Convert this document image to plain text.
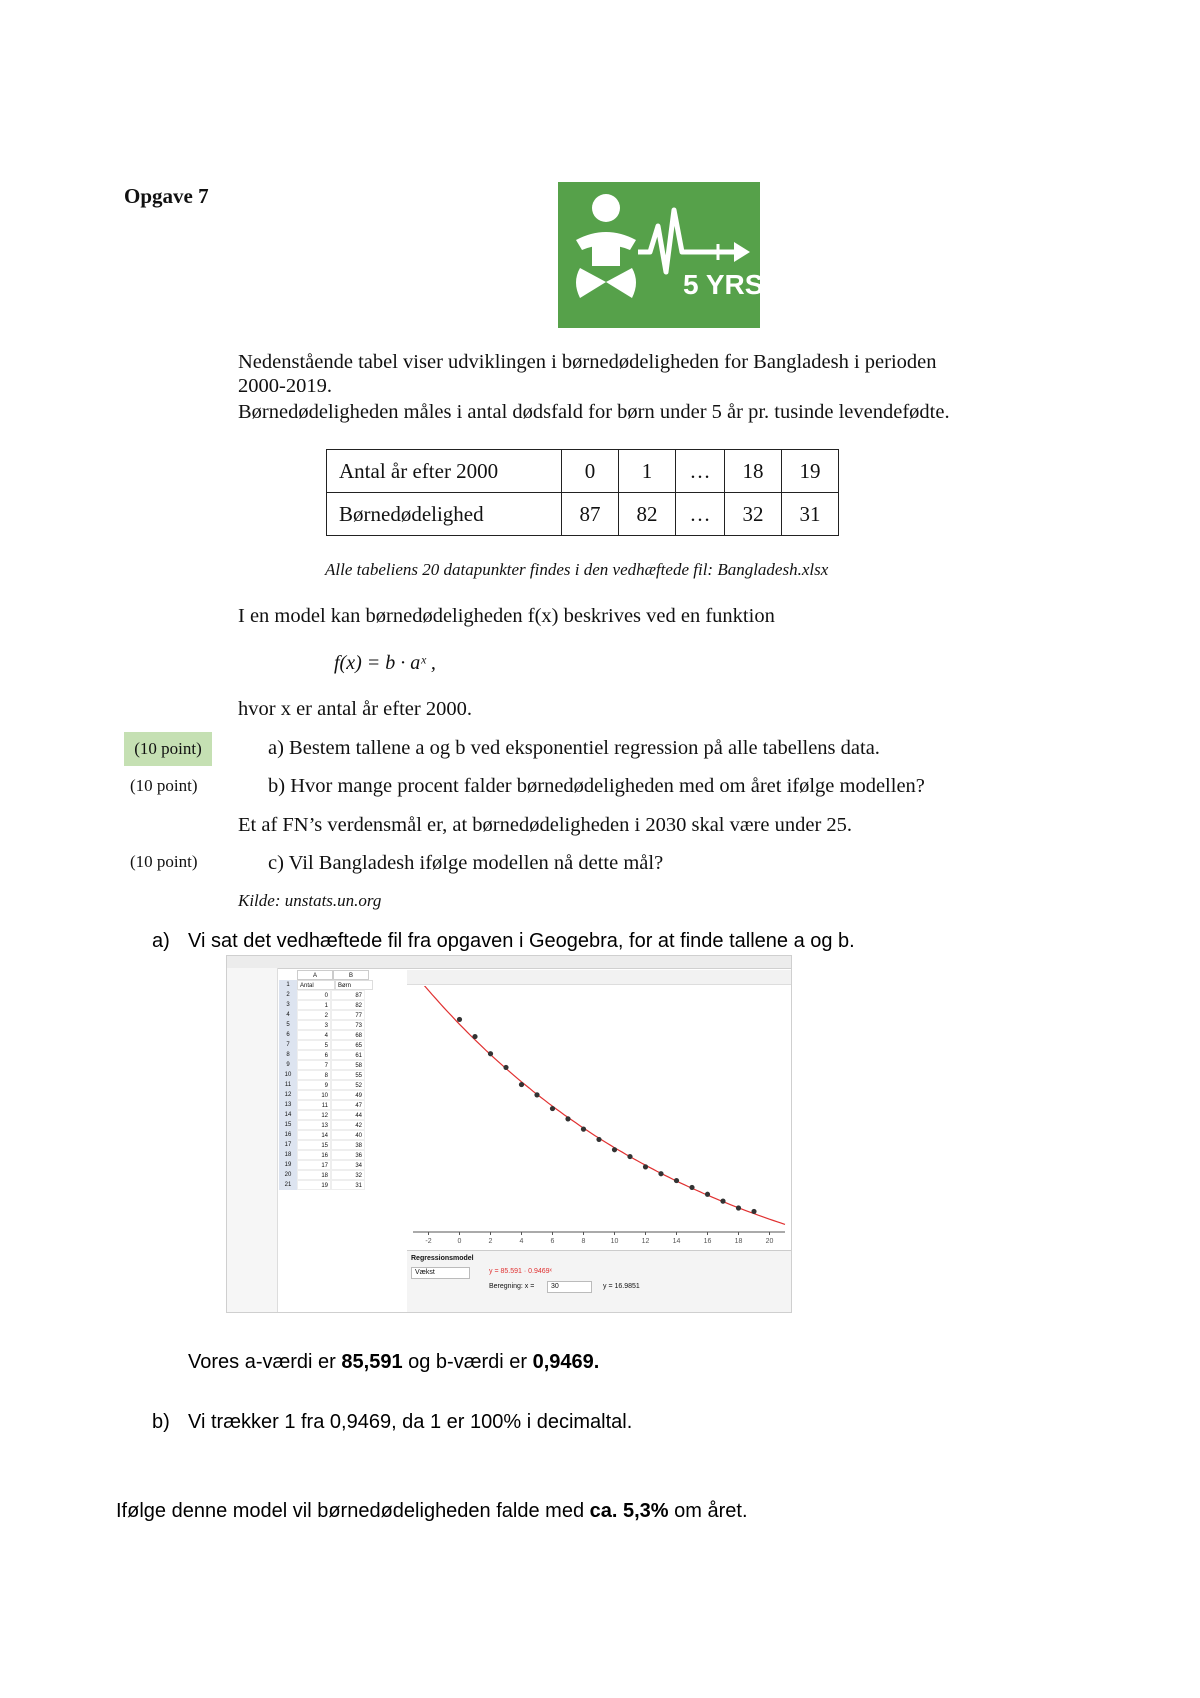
Opgave 7
5 YRS
Nedenstående tabel viser udviklingen i børnedødeligheden for Bangladesh i perioden
2000-2019.
Børnedødeligheden måles i antal dødsfald for børn under 5 år pr. tusinde levendefødte.
Antal år efter 2000	0	1	…	18	19
Børnedødelighed	87	82	…	32	31
Alle tabeliens 20 datapunkter findes i den vedhæftede fil: Bangladesh.xlsx
I en model kan børnedødeligheden f(x) beskrives ved en funktion
f(x) = b · aˣ ,
hvor x er antal år efter 2000.
(10 point)	a) Bestem tallene a og b ved eksponentiel regression på alle tabellens data.
(10 point)	b) Hvor mange procent falder børnedødeligheden med om året ifølge modellen?
Et af FN’s verdensmål er, at børnedødeligheden i 2030 skal være under 25.
(10 point)	c) Vil Bangladesh ifølge modellen nå dette mål?
Kilde: unstats.un.org
a) Vi sat det vedhæftede fil fra opgaven i Geogebra, for at finde tallene a og b.
A	B
1	Antal	Børn
2	0	87
3	1	82
4	2	77
5	3	73
6	4	68
7	5	65
8	6	61
9	7	58
10	8	55
11	9	52
12	10	49
13	11	47
14	12	44
15	13	42
16	14	40
17	15	38
18	16	36
19	17	34
20	18	32
21	19	31
-2	0	2	4	6	8	10	12	14	16	18	20
Regressionsmodel
Vækst	y = 85.591 · 0.9469ˣ
Beregning: x =	30	y = 16.9851
Vores a-værdi er 85,591 og b-værdi er 0,9469.
b) Vi trækker 1 fra 0,9469, da 1 er 100% i decimaltal.
Ifølge denne model vil børnedødeligheden falde med ca. 5,3% om året.
